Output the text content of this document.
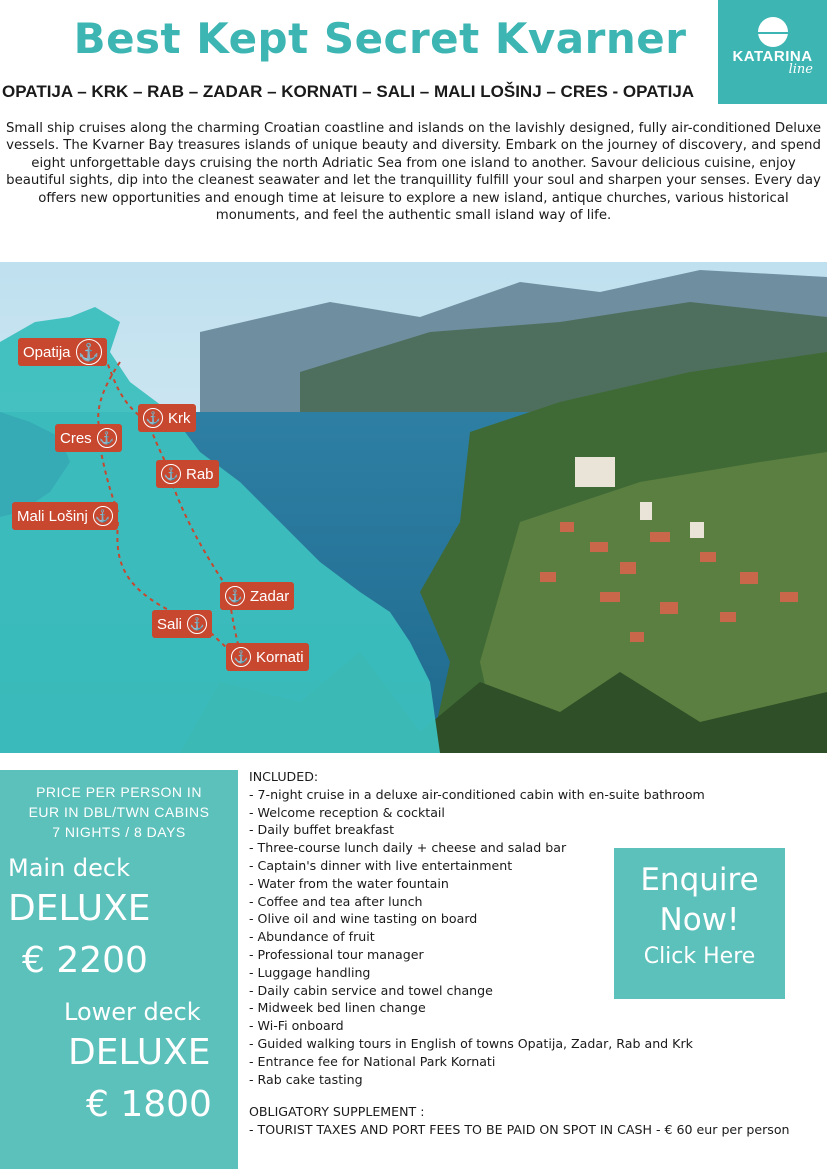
Best Kept Secret Kvarner	KATARINA
line
OPATIJA – KRK – RAB – ZADAR – KORNATI – SALI – MALI LOŠINJ – CRES - OPATIJA
Small ship cruises along the charming Croatian coastline and islands on the lavishly designed, fully air-conditioned Deluxe vessels. The Kvarner Bay treasures islands of unique beauty and diversity. Embark on the journey of discovery, and spend eight unforgettable days cruising the north Adriatic Sea from one island to another. Savour delicious cuisine, enjoy beautiful sights, dip into the cleanest seawater and let the tranquillity fulfill your soul and sharpen your senses. Every day offers new opportunities and enough time at leisure to explore a new island, antique churches, various historical monuments, and feel the authentic small island way of life.
Opatija ⚓
⚓ Krk
Cres ⚓
⚓ Rab
Mali Lošinj ⚓
⚓ Zadar
Sali ⚓
⚓ Kornati
PRICE PER PERSON IN
EUR IN DBL/TWN CABINS
7 NIGHTS / 8 DAYS
Main deck
DELUXE
€ 2200
Lower deck
DELUXE
€ 1800
INCLUDED:
- 7-night cruise in a deluxe air-conditioned cabin with en-suite bathroom
- Welcome reception & cocktail
- Daily buffet breakfast
- Three-course lunch daily + cheese and salad bar
- Captain's dinner with live entertainment
- Water from the water fountain
- Coffee and tea after lunch
- Olive oil and wine tasting on board
- Abundance of fruit
- Professional tour manager
- Luggage handling
- Daily cabin service and towel change
- Midweek bed linen change
- Wi-Fi onboard
- Guided walking tours in English of towns Opatija, Zadar, Rab and Krk
- Entrance fee for National Park Kornati
- Rab cake tasting
Enquire
Now!
Click Here
OBLIGATORY SUPPLEMENT :
- TOURIST TAXES AND PORT FEES TO BE PAID ON SPOT IN CASH - € 60 eur per person
